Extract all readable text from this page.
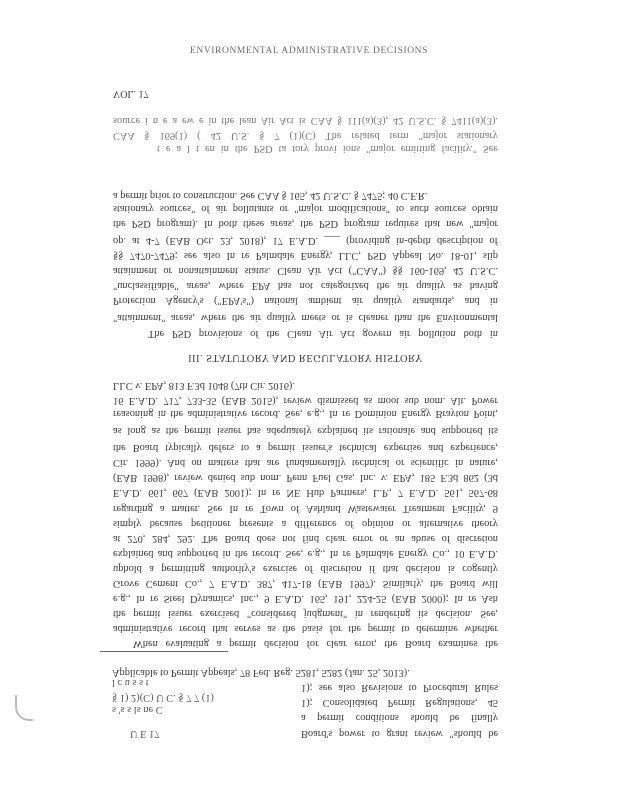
ENVIRONMENTAL ADMINISTRATIVE DECISIONS
VOL. 17
source i n e a ew e in the lean Air Act is CAA § 111(a)(3), 42 U.S.C. § 7411(a)(3).
CAA § 169(1) ( 42 U.S. § 7 (1)(C) The related term "major stationary
t e a l t en in the PSD ta tory provi ions "major emitting facility." See
a permit prior to construction. See CAA § 165, 42 U.S.C. § 7475; 40 C.F.R.
stationary sources" of air pollutants or "major modifications" to such sources obtain
the PSD program). In both these areas, the PSD program requires that new "major
op. at 4-7 (EAB Oct. 23, 2018), 17 E.A.D. ___ (providing in-depth description of
§§ 7470-7479; see also In re Palmdale Energy, LLC, PSD Appeal No. 18-01, slip
attainment or nonattainment status. Clean Air Act ("CAA") §§ 160-169, 42 U.S.C.
"unclassifiable" areas, where EPA has not categorized the air quality as having
Protection Agency's ("EPA's") national ambient air quality standards, and in
"attainment" areas, where the air quality meets or is cleaner than the Environmental
The PSD provisions of the Clean Air Act govern air pollution both in
III. STATUTORY AND REGULATORY HISTORY
LLC v. EPA, 813 F.3d 1048 (7th Cir. 2016).
16 E.A.D. 717, 733-35 (EAB 2015), review dismissed as moot sub nom. Alt. Power
reasoning in the administrative record. See, e.g., In re Dominion Energy Brayton Point,
as long as the permit issuer has adequately explained its rationale and supported its
the Board typically defers to a permit issuer's technical expertise and experience,
Cir. 1999). And on matters that are fundamentally technical or scientific in nature,
(EAB 1998), review denied sub nom. Penn Fuel Gas, Inc. v. EPA, 185 F.3d 862 (3d
E.A.D. 661, 667 (EAB 2001); In re NE Hub Partners, L.P., 7 E.A.D. 561, 567-68
regarding a matter. See In re Town of Ashland Wastewater Treatment Facility, 9
simply because petitioner presents a difference of opinion or alternative theory
at 270, 284, 292. The Board does not find clear error or an abuse of discretion
explained and supported in the record. See, e.g., In re Palmdale Energy Co., 10 E.A.D.
uphold a permitting authority's exercise of discretion if that decision is cogently
Grove Cement Co., 7 E.A.D. 387, 417-18 (EAB 1997). Similarly, the Board will
e.g., In re Steel Dynamics, Inc., 9 E.A.D. 165, 191, 224-25 (EAB 2000); In re Ash
the permit issuer exercised "considered judgment" in rendering its decision. See,
administrative record that serves as the basis for the permit to determine whether
When evaluating a permit decision for clear error, the Board examines the
Applicable to Permit Appeals, 78 Fed. Reg. 5281, 5282 (Jan. 25, 2013).
l c u s s t	1); see also Revisions to Procedural Rules
§ 1) 2)(C) U C. § 7 7 (1)	1); Consolidated Permit Regulations, 45
s 's s ls ne C
a permit conditions should be finally
U E 17	Board's power to grant review "should be
